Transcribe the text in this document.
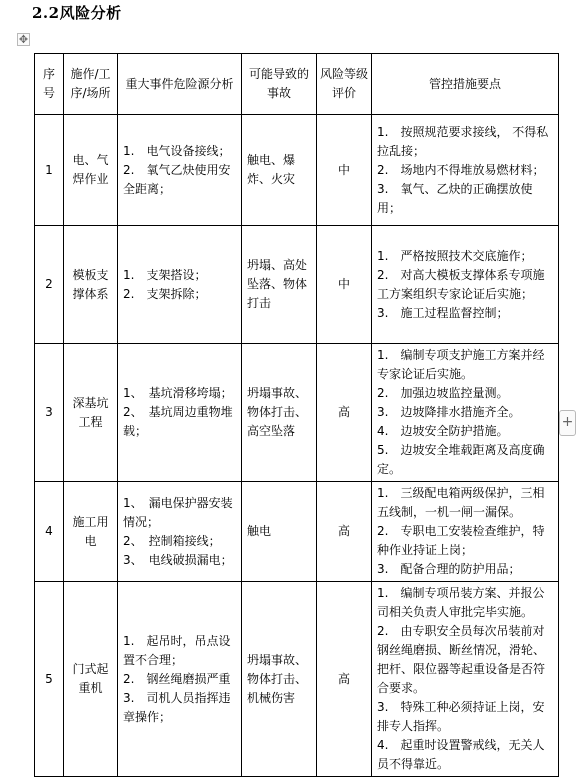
2.2风险分析
✥
+
序号	施作/工序/场所	重大事件危险源分析	可能导致的事故	风险等级评价	管控措施要点
1	电、气焊作业	1.　电气设备接线；
2.　氧气乙炔使用安全距离；	触电、爆炸、火灾	中	1.　按照规范要求接线， 不得私拉乱接；
2.　场地内不得堆放易燃材料；
3.　氧气、乙炔的正确摆放使用；

2	模板支撑体系	1.　支架搭设；
2.　支架拆除；	坍塌、高处坠落、物体打击	中	1.　严格按照技术交底施作；
2.　对高大模板支撑体系专项施工方案组织专家论证后实施；
3.　施工过程监督控制；

3	深基坑工程	1、　基坑滑移垮塌；
2、　基坑周边重物堆载；	坍塌事故、物体打击、高空坠落	高	1.　编制专项支护施工方案并经专家论证后实施。
2.　加强边坡监控量测。
3.　边坡降排水措施齐全。
4.　边坡安全防护措施。
5.　边坡安全堆载距离及高度确定。

4	施工用电	1、　漏电保护器安装情况；
2、　控制箱接线；
3、　电线破损漏电；	触电	高	1.　三级配电箱两级保护，三相五线制，一机一闸一漏保。
2.　专职电工安装检查维护，特种作业持证上岗；
3.　配备合理的防护用品；

5	门式起重机	1.　起吊时，吊点设置不合理；
2.　钢丝绳磨损严重
3.　司机人员指挥违章操作；	坍塌事故、物体打击、机械伤害	高	1.　编制专项吊装方案、并报公司相关负责人审批完毕实施。
2.　由专职安全员每次吊装前对钢丝绳磨损、断丝情况，滑轮、把杆、限位器等起重设备是否符合要求。
3.　特殊工种必须持证上岗，安排专人指挥。
4.　起重时设置警戒线，无关人员不得靠近。
